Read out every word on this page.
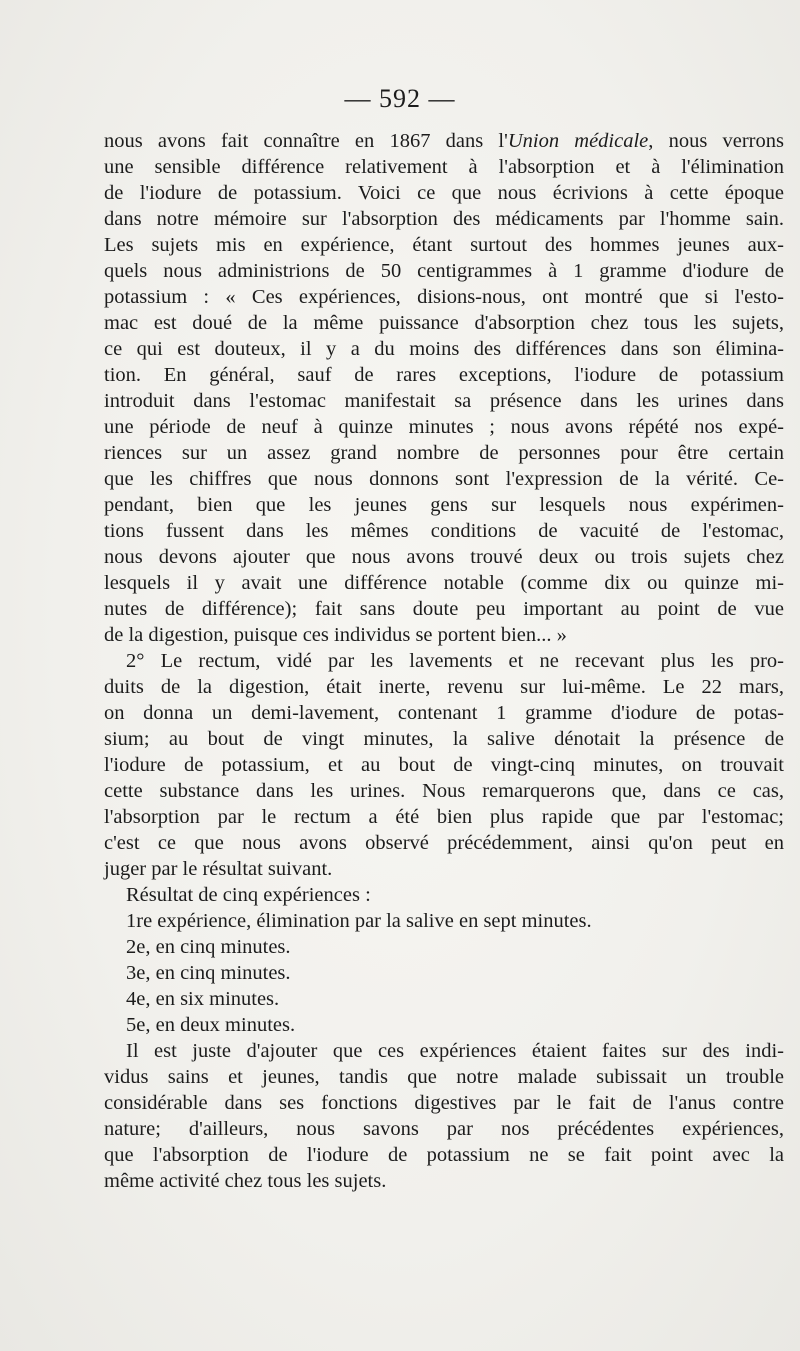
— 592 —
nous avons fait connaître en 1867 dans l'Union médicale, nous verrons
une sensible différence relativement à l'absorption et à l'élimination
de l'iodure de potassium. Voici ce que nous écrivions à cette époque
dans notre mémoire sur l'absorption des médicaments par l'homme sain.
Les sujets mis en expérience, étant surtout des hommes jeunes aux-
quels nous administrions de 50 centigrammes à 1 gramme d'iodure de
potassium : « Ces expériences, disions-nous, ont montré que si l'esto-
mac est doué de la même puissance d'absorption chez tous les sujets,
ce qui est douteux, il y a du moins des différences dans son élimina-
tion. En général, sauf de rares exceptions, l'iodure de potassium
introduit dans l'estomac manifestait sa présence dans les urines dans
une période de neuf à quinze minutes ; nous avons répété nos expé-
riences sur un assez grand nombre de personnes pour être certain
que les chiffres que nous donnons sont l'expression de la vérité. Ce-
pendant, bien que les jeunes gens sur lesquels nous expérimen-
tions fussent dans les mêmes conditions de vacuité de l'estomac,
nous devons ajouter que nous avons trouvé deux ou trois sujets chez
lesquels il y avait une différence notable (comme dix ou quinze mi-
nutes de différence); fait sans doute peu important au point de vue
de la digestion, puisque ces individus se portent bien... »
2° Le rectum, vidé par les lavements et ne recevant plus les pro-
duits de la digestion, était inerte, revenu sur lui-même. Le 22 mars,
on donna un demi-lavement, contenant 1 gramme d'iodure de potas-
sium; au bout de vingt minutes, la salive dénotait la présence de
l'iodure de potassium, et au bout de vingt-cinq minutes, on trouvait
cette substance dans les urines. Nous remarquerons que, dans ce cas,
l'absorption par le rectum a été bien plus rapide que par l'estomac;
c'est ce que nous avons observé précédemment, ainsi qu'on peut en
juger par le résultat suivant.
Résultat de cinq expériences :
1re expérience, élimination par la salive en sept minutes.
2e, en cinq minutes.
3e, en cinq minutes.
4e, en six minutes.
5e, en deux minutes.
Il est juste d'ajouter que ces expériences étaient faites sur des indi-
vidus sains et jeunes, tandis que notre malade subissait un trouble
considérable dans ses fonctions digestives par le fait de l'anus contre
nature; d'ailleurs, nous savons par nos précédentes expériences,
que l'absorption de l'iodure de potassium ne se fait point avec la
même activité chez tous les sujets.
